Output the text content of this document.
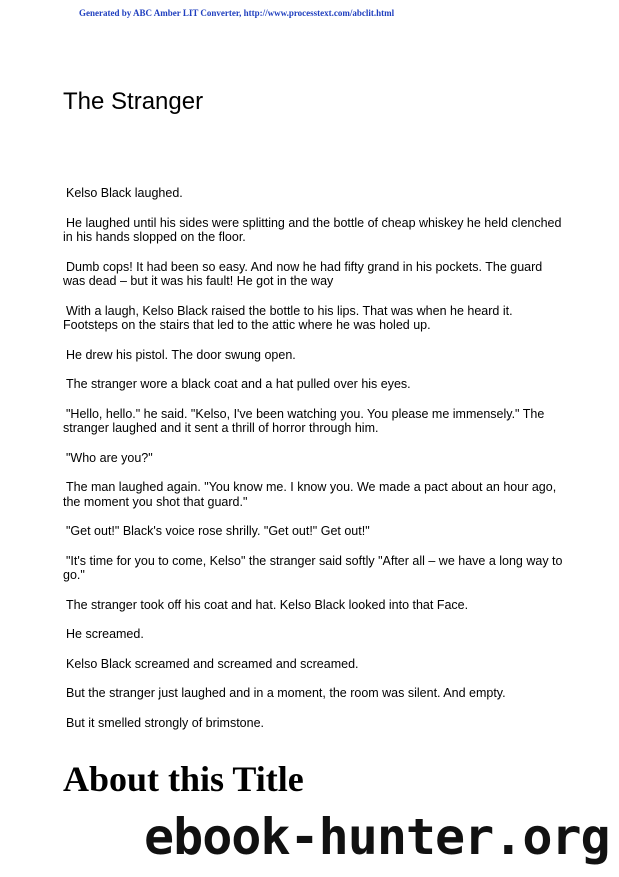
Generated by ABC Amber LIT Converter, http://www.processtext.com/abclit.html
The Stranger

Kelso Black laughed.

He laughed until his sides were splitting and the bottle of cheap whiskey he held clenched in his hands slopped on the floor.

Dumb cops! It had been so easy. And now he had fifty grand in his pockets. The guard was dead – but it was his fault! He got in the way

With a laugh, Kelso Black raised the bottle to his lips. That was when he heard it. Footsteps on the stairs that led to the attic where he was holed up.

He drew his pistol. The door swung open.

The stranger wore a black coat and a hat pulled over his eyes.

"Hello, hello." he said. "Kelso, I've been watching you. You please me immensely." The stranger laughed and it sent a thrill of horror through him.

"Who are you?"

The man laughed again. "You know me. I know you. We made a pact about an hour ago, the moment you shot that guard."

"Get out!" Black's voice rose shrilly. "Get out!" Get out!"

"It's time for you to come, Kelso" the stranger said softly "After all – we have a long way to go."

The stranger took off his coat and hat. Kelso Black looked into that Face.

He screamed.

Kelso Black screamed and screamed and screamed.

But the stranger just laughed and in a moment, the room was silent. And empty.

But it smelled strongly of brimstone.

About this Title
ebook-hunter.org
